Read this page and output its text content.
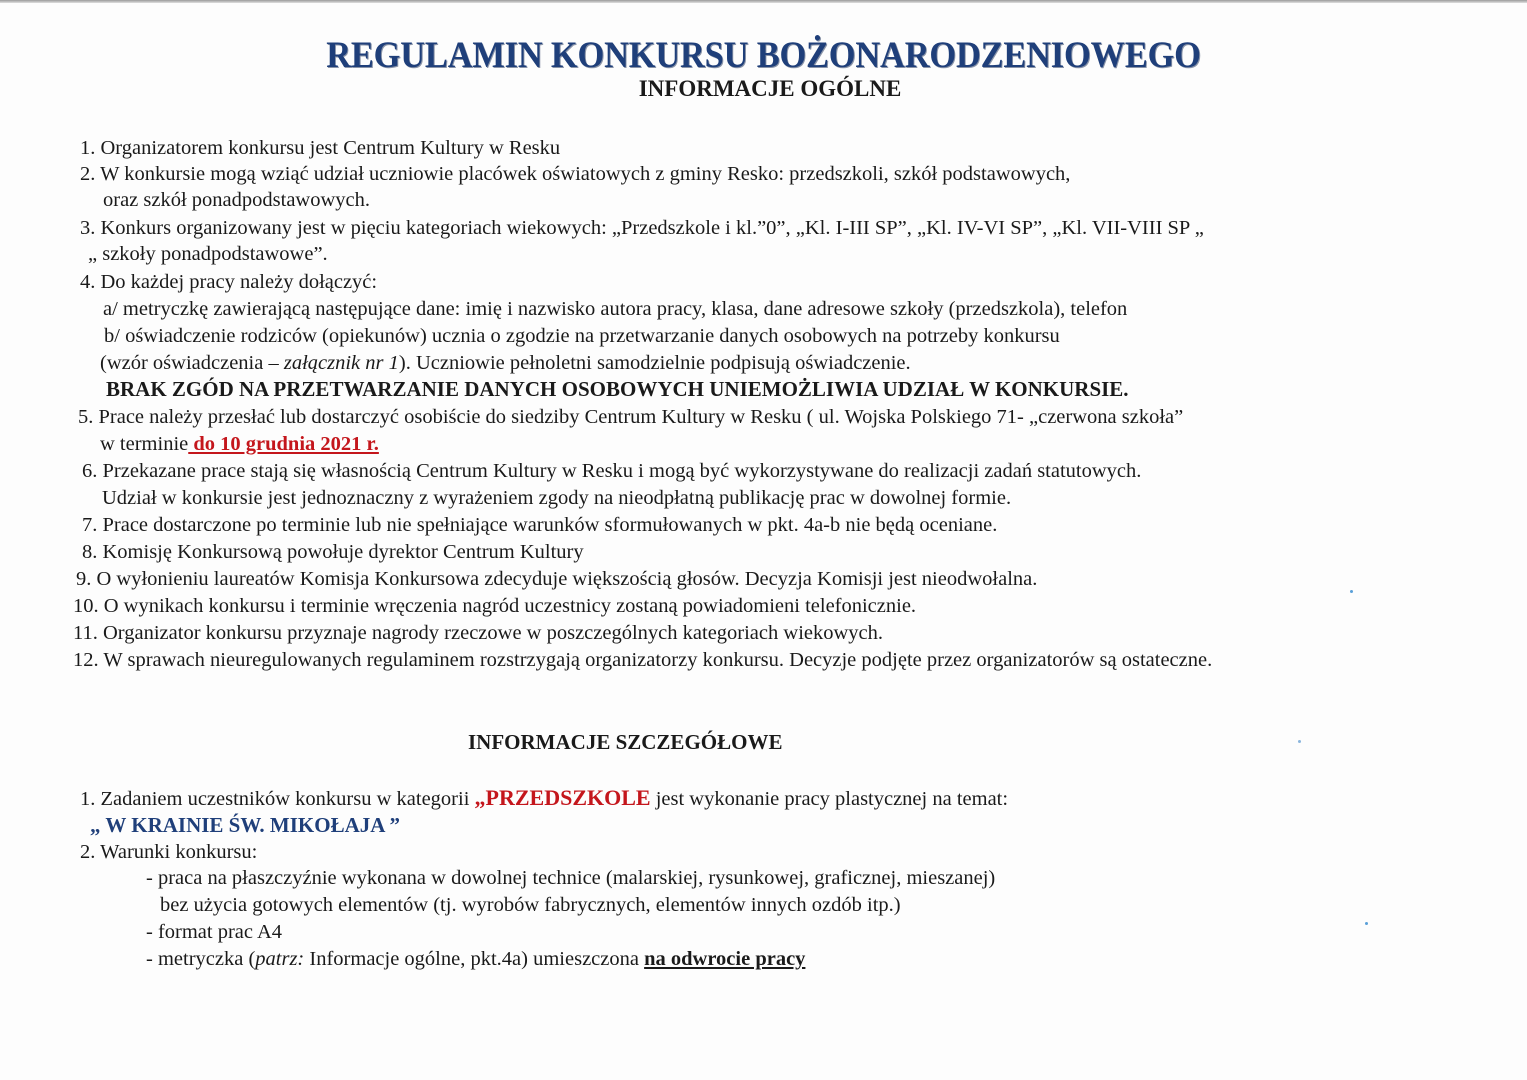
REGULAMIN KONKURSU BOŻONARODZENIOWEGO
INFORMACJE OGÓLNE
1. Organizatorem konkursu jest Centrum Kultury w Resku
2. W konkursie mogą wziąć udział uczniowie placówek oświatowych z gminy Resko: przedszkoli, szkół podstawowych,
oraz szkół ponadpodstawowych.
3. Konkurs organizowany jest w pięciu kategoriach wiekowych: „Przedszkole i kl.”0”, „Kl. I-III SP”, „Kl. IV-VI SP”, „Kl. VII-VIII SP „
„ szkoły ponadpodstawowe”.
4. Do każdej pracy należy dołączyć:
a/ metryczkę zawierającą następujące dane: imię i nazwisko autora pracy, klasa, dane adresowe szkoły (przedszkola), telefon
b/ oświadczenie rodziców (opiekunów) ucznia o zgodzie na przetwarzanie danych osobowych na potrzeby konkursu
(wzór oświadczenia – załącznik nr 1). Uczniowie pełnoletni samodzielnie podpisują oświadczenie.
BRAK ZGÓD NA PRZETWARZANIE DANYCH OSOBOWYCH UNIEMOŻLIWIA UDZIAŁ W KONKURSIE.
5. Prace należy przesłać lub dostarczyć osobiście do siedziby Centrum Kultury w Resku ( ul. Wojska Polskiego 71- „czerwona szkoła”
w terminie do 10 grudnia 2021 r.
6. Przekazane prace stają się własnością Centrum Kultury w Resku i mogą być wykorzystywane do realizacji zadań statutowych.
Udział w konkursie jest jednoznaczny z wyrażeniem zgody na nieodpłatną publikację prac w dowolnej formie.
7. Prace dostarczone po terminie lub nie spełniające warunków sformułowanych w pkt. 4a-b nie będą oceniane.
8. Komisję Konkursową powołuje dyrektor Centrum Kultury
9. O wyłonieniu laureatów Komisja Konkursowa zdecyduje większością głosów. Decyzja Komisji jest nieodwołalna.
10. O wynikach konkursu i terminie wręczenia nagród uczestnicy zostaną powiadomieni telefonicznie.
11. Organizator konkursu przyznaje nagrody rzeczowe w poszczególnych kategoriach wiekowych.
12. W sprawach nieuregulowanych regulaminem rozstrzygają organizatorzy konkursu. Decyzje podjęte przez organizatorów są ostateczne.
INFORMACJE SZCZEGÓŁOWE
1. Zadaniem uczestników konkursu w kategorii „PRZEDSZKOLE jest wykonanie pracy plastycznej na temat:
„ W KRAINIE ŚW. MIKOŁAJA ”
2. Warunki konkursu:
- praca na płaszczyźnie wykonana w dowolnej technice (malarskiej, rysunkowej, graficznej, mieszanej)
bez użycia gotowych elementów (tj. wyrobów fabrycznych, elementów innych ozdób itp.)
- format prac A4
- metryczka (patrz: Informacje ogólne, pkt.4a) umieszczona na odwrocie pracy
